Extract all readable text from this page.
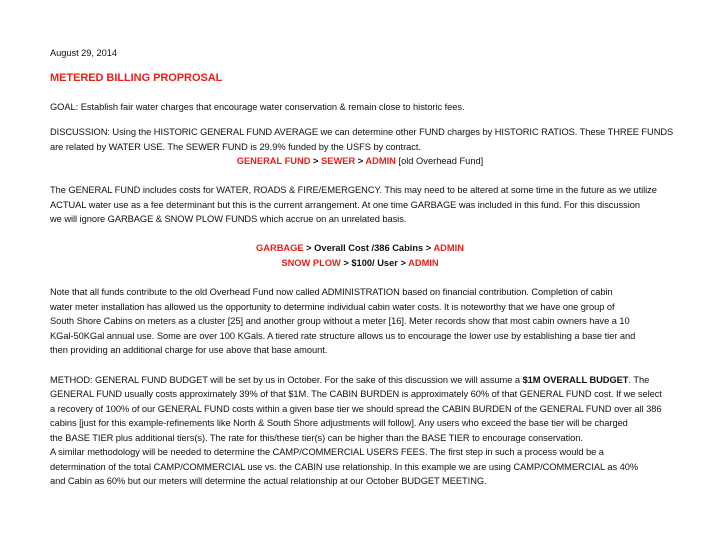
August 29, 2014
METERED BILLING PROPROSAL
GOAL: Establish fair water charges that encourage water conservation & remain close to historic fees.
DISCUSSION: Using the HISTORIC GENERAL FUND AVERAGE we can determine other FUND charges by HISTORIC RATIOS. These THREE FUNDS
are related by WATER USE. The SEWER FUND is 29.9% funded by the USFS by contract.
GENERAL FUND > SEWER > ADMIN [old Overhead Fund]
The GENERAL FUND includes costs for WATER, ROADS & FIRE/EMERGENCY. This may need to be altered at some time in the future as we utilize
ACTUAL water use as a fee determinant but this is the current arrangement. At one time GARBAGE was included in this fund. For this discussion
we will ignore GARBAGE & SNOW PLOW FUNDS which accrue on an unrelated basis.
GARBAGE > Overall Cost /386 Cabins > ADMIN
SNOW PLOW > $100/ User > ADMIN
Note that all funds contribute to the old Overhead Fund now called ADMINISTRATION based on financial contribution. Completion of cabin
water meter installation has allowed us the opportunity to determine individual cabin water costs. It is noteworthy that we have one group of
South Shore Cabins on meters as a cluster [25] and another group without a meter [16]. Meter records show that most cabin owners have a 10
KGal-50KGal annual use. Some are over 100 KGals. A tiered rate structure allows us to encourage the lower use by establishing a base tier and
then providing an additional charge for use above that base amount.
METHOD: GENERAL FUND BUDGET will be set by us in October. For the sake of this discussion we will assume a $1M OVERALL BUDGET. The
GENERAL FUND usually costs approximately 39% of that $1M. The CABIN BURDEN is approximately 60% of that GENERAL FUND cost. If we select
a recovery of 100% of our GENERAL FUND costs within a given base tier we should spread the CABIN BURDEN of the GENERAL FUND over all 386
cabins [just for this example-refinements like North & South Shore adjustments will follow]. Any users who exceed the base tier will be charged
the BASE TIER plus additional tiers(s). The rate for this/these tier(s) can be higher than the BASE TIER to encourage conservation.
A similar methodology will be needed to determine the CAMP/COMMERCIAL USERS FEES. The first step in such a process would be a
determination of the total CAMP/COMMERCIAL use vs. the CABIN use relationship. In this example we are using CAMP/COMMERCIAL as 40%
and Cabin as 60% but our meters will determine the actual relationship at our October BUDGET MEETING.
